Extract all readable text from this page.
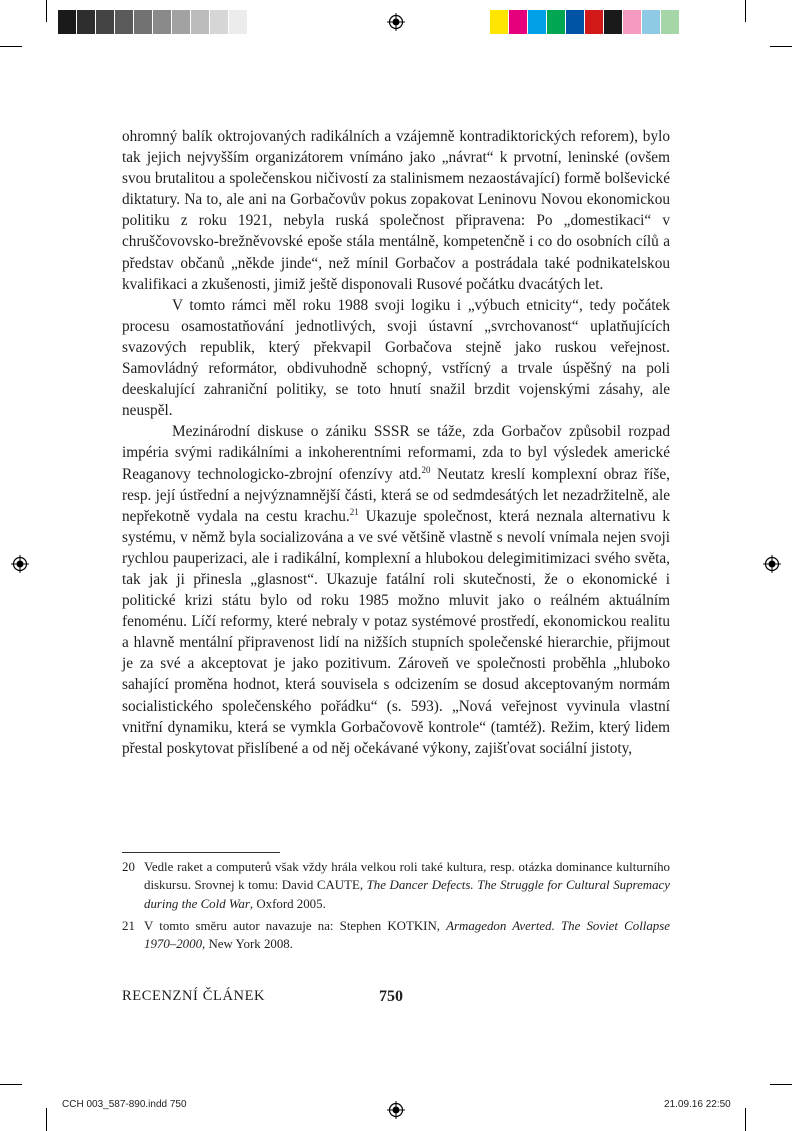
ohromný balík oktrojovaných radikálních a vzájemně kontradiktorických reforem), bylo tak jejich nejvyšším organizátorem vnímáno jako „návrat“ k prvotní, leninské (ovšem svou brutalitou a společenskou ničivostí za stalinismem nezaostávající) formě bolševické diktatury. Na to, ale ani na Gorbačovův pokus zopakovat Leninovu Novou ekonomickou politiku z roku 1921, nebyla ruská společnost připravena: Po „domestikaci“ v chruščovovsko-brežněvovské epoše stála mentálně, kompetenčně i co do osobních cílů a představ občanů „někde jinde“, než mínil Gorbačov a postrádala také podnikatelskou kvalifikaci a zkušenosti, jimiž ještě disponovali Rusové počátku dvacátých let.

V tomto rámci měl roku 1988 svoji logiku i „výbuch etnicity“, tedy počátek procesu osamostatňování jednotlivých, svoji ústavní „svrchovanost“ uplatňujících svazových republik, který překvapil Gorbačova stejně jako ruskou veřejnost. Samovládný reformátor, obdivuhodně schopný, vstřícný a trvale úspěšný na poli deeskalující zahraniční politiky, se toto hnutí snažil brzdit vojenskými zásahy, ale neuspěl.

Mezinárodní diskuse o zániku SSSR se táže, zda Gorbačov způsobil rozpad impéria svými radikálními a inkoherentními reformami, zda to byl výsledek americké Reaganovy technologicko-zbrojní ofenzívy atd.$^{20}$ Neutatz kreslí komplexní obraz říše, resp. její ústřední a nejvýznamnější části, která se od sedmdesátých let nezadržitelně, ale nepřekotně vydala na cestu krachu.$^{21}$ Ukazuje společnost, která neznala alternativu k systému, v němž byla socializována a ve své většině vlastně s nevolí vnímala nejen svoji rychlou pauperizaci, ale i radikální, komplexní a hlubokou delegimitimizaci svého světa, tak jak ji přinesla „glasnost“. Ukazuje fatální roli skutečnosti, že o ekonomické i politické krizi státu bylo od roku 1985 možno mluvit jako o reálném aktuálním fenoménu. Líčí reformy, které nebraly v potaz systémové prostředí, ekonomickou realitu a hlavně mentální připravenost lidí na nižších stupních společenské hierarchie, přijmout je za své a akceptovat je jako pozitivum. Zároveň ve společnosti proběhla „hluboko sahající proměna hodnot, která souvisela s odcizením se dosud akceptovaným normám socialistického společenského pořádku“ (s. 593). „Nová veřejnost vyvinula vlastní vnitřní dynamiku, která se vymkla Gorbačovově kontrole“ (tamtéž). Režim, který lidem přestal poskytovat přislíbené a od něj očekávané výkony, zajišťovat sociální jistoty,

20 Vedle raket a computerů však vždy hrála velkou roli také kultura, resp. otázka dominance kulturního diskursu. Srovnej k tomu: David CAUTE, The Dancer Defects. The Struggle for Cultural Supremacy during the Cold War, Oxford 2005.
21 V tomto směru autor navazuje na: Stephen KOTKIN, Armagedon Averted. The Soviet Collapse 1970–2000, New York 2008.
RECENZNÍ ČLÁNEK	750
CCH 003_587-890.indd 750	21.09.16 22:50
